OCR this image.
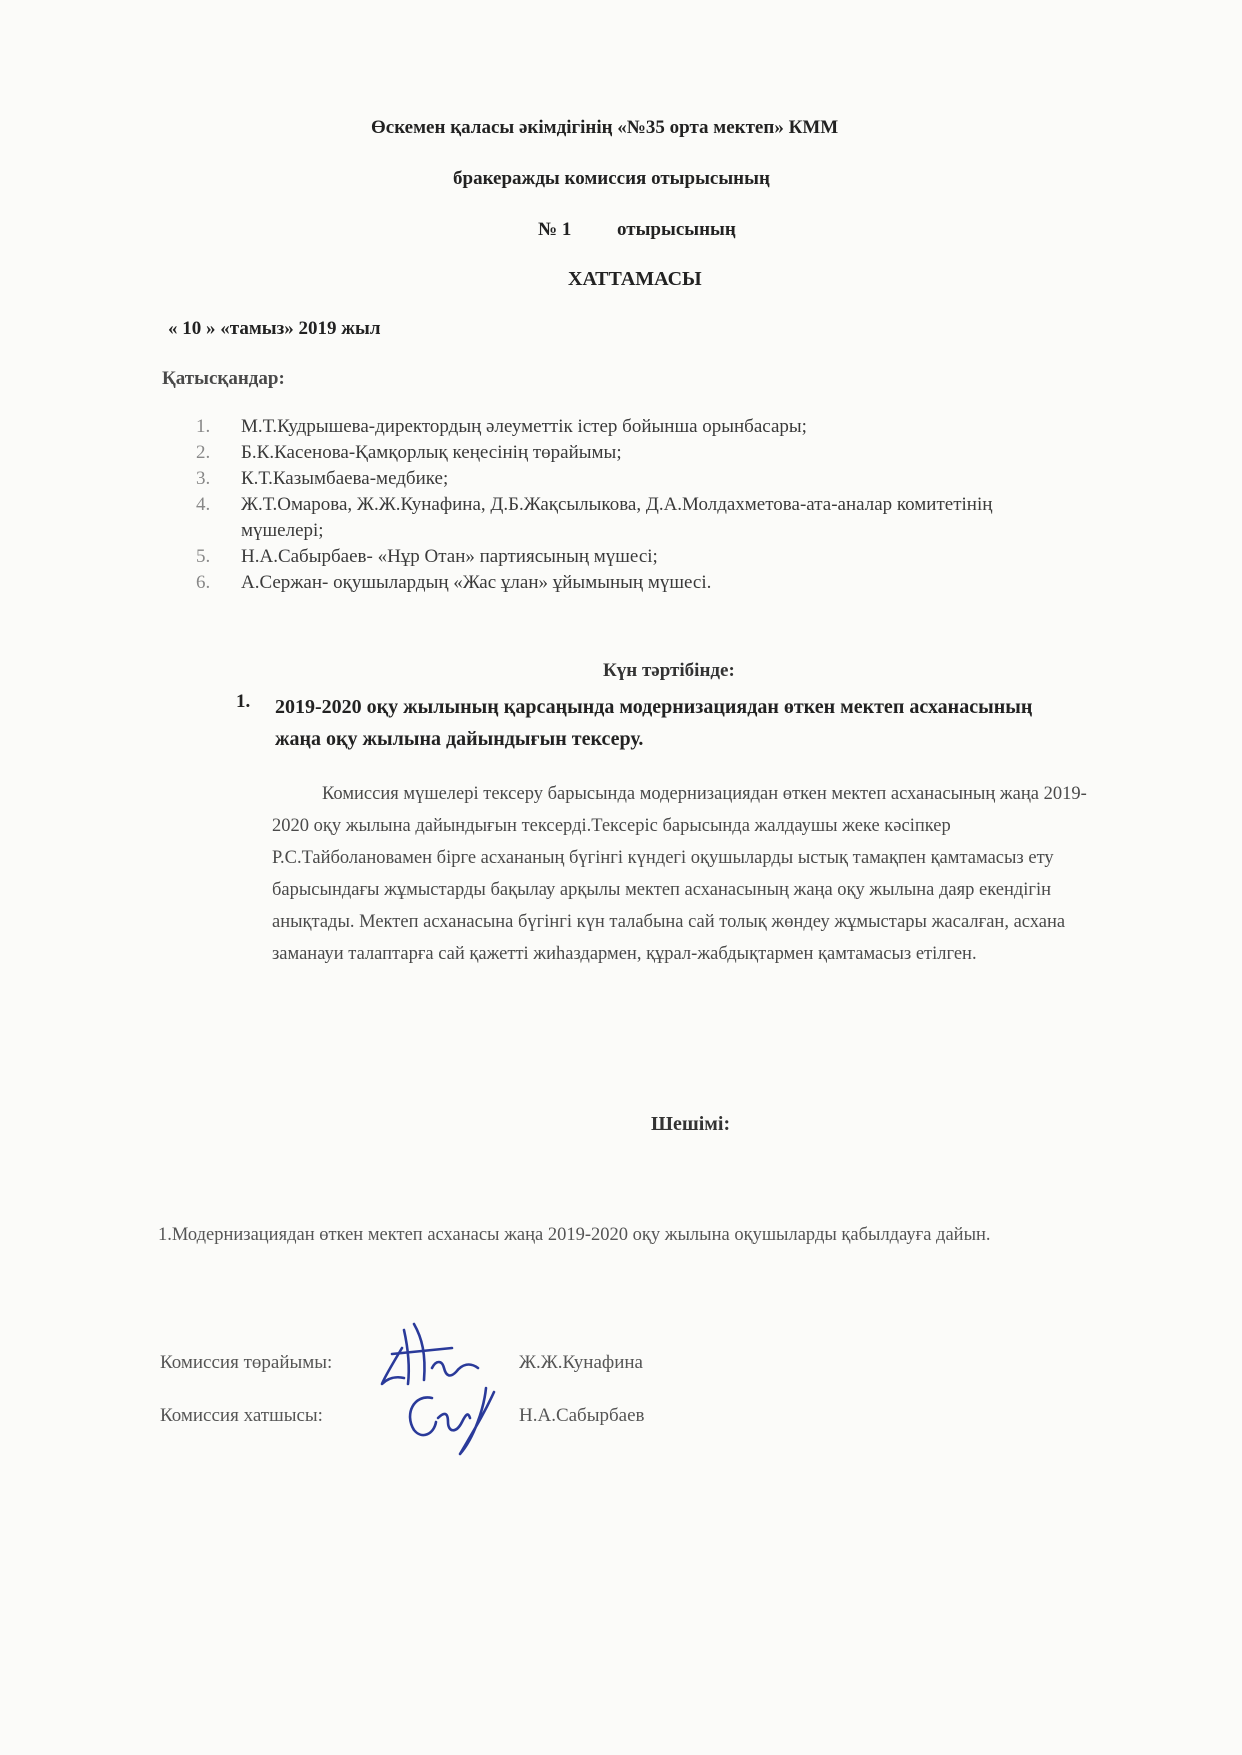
Өскемен қаласы әкімдігінің «№35 орта мектеп» КММ
бракеражды комиссия отырысының
№ 1 отырысының
ХАТТАМАСЫ
« 10 » «тамыз» 2019 жыл
Қатысқандар:
1. М.Т.Кудрышева-директордың әлеуметтік істер бойынша орынбасары;
2. Б.К.Касенова-Қамқорлық кеңесінің төрайымы;
3. К.Т.Казымбаева-медбике;
4. Ж.Т.Омарова, Ж.Ж.Кунафина, Д.Б.Жақсылыкова, Д.А.Молдахметова-ата-аналар комитетінің мүшелері;
5. Н.А.Сабырбаев- «Нұр Отан» партиясының мүшесі;
6. А.Сержан- оқушылардың «Жас ұлан» ұйымының мүшесі.
Күн тәртібінде:
1. 2019-2020 оқу жылының қарсаңында модернизациядан өткен мектеп асханасының жаңа оқу жылына дайындығын тексеру.
Комиссия мүшелері тексеру барысында модернизациядан өткен мектеп асханасының жаңа 2019-2020 оқу жылына дайындығын тексерді.Тексеріс барысында жалдаушы жеке кәсіпкер Р.С.Тайболановамен бірге асхананың бүгінгі күндегі оқушыларды ыстық тамақпен қамтамасыз ету барысындағы жұмыстарды бақылау арқылы мектеп асханасының жаңа оқу жылына даяр екендігін анықтады. Мектеп асханасына бүгінгі күн талабына сай толық жөндеу жұмыстары жасалған, асхана заманауи талаптарға сай қажетті жиһаздармен, құрал-жабдықтармен қамтамасыз етілген.
Шешімі:
1.Модернизациядан өткен мектеп асханасы жаңа 2019-2020 оқу жылына оқушыларды қабылдауға дайын.
Комиссия төрайымы:	Ж.Ж.Кунафина
Комиссия хатшысы:	Н.А.Сабырбаев
